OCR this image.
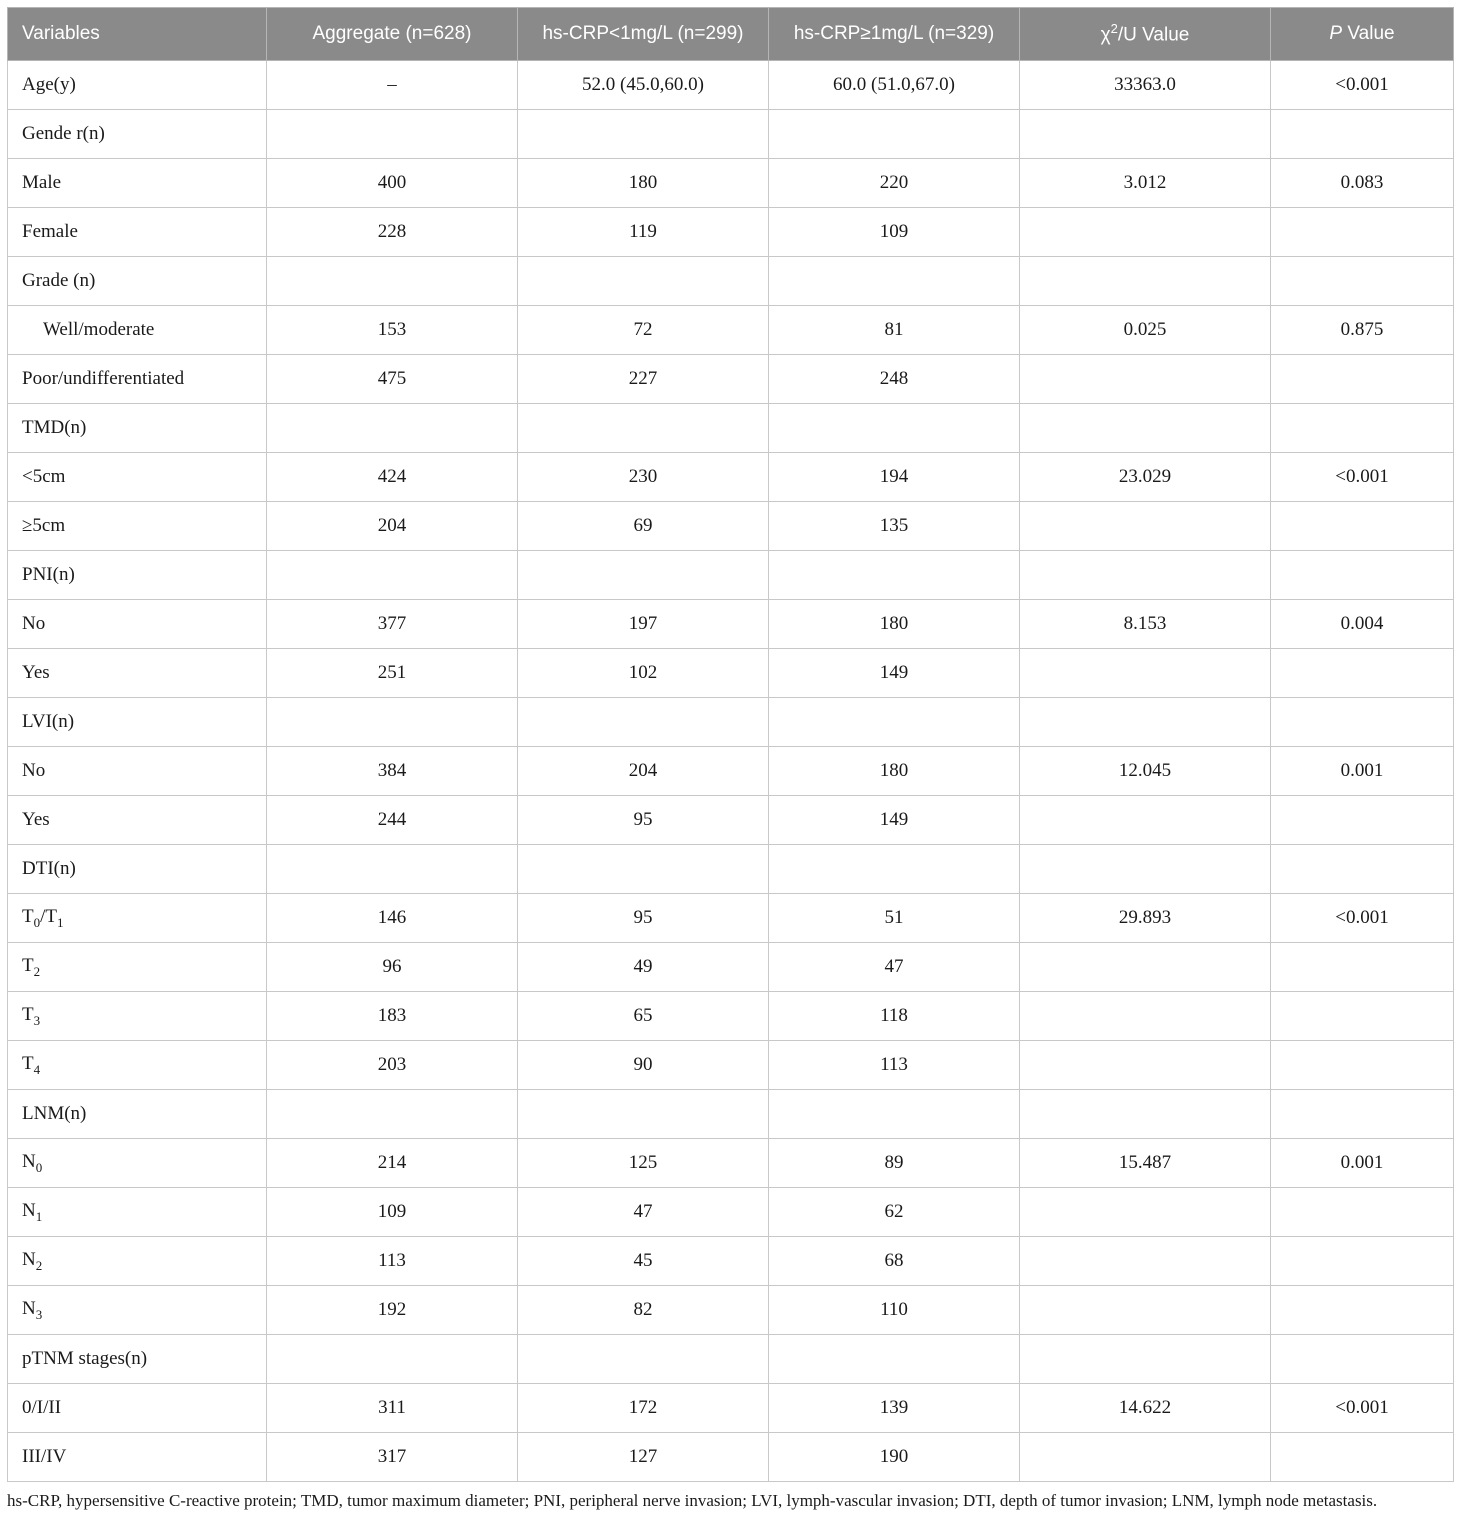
Variables	Aggregate (n=628)	hs-CRP<1mg/L (n=299)	hs-CRP≥1mg/L (n=329)	$\chi^2/U$ Value	P Value
Age(y)	–	52.0 (45.0,60.0)	60.0 (51.0,67.0)	33363.0	<0.001
Gende r(n)					
Male	400	180	220	3.012	0.083
Female	228	119	109		
Grade (n)					
Well/moderate	153	72	81	0.025	0.875
Poor/undifferentiated	475	227	248		
TMD(n)					
<5cm	424	230	194	23.029	<0.001
≥5cm	204	69	135		
PNI(n)					
No	377	197	180	8.153	0.004
Yes	251	102	149		
LVI(n)					
No	384	204	180	12.045	0.001
Yes	244	95	149		
DTI(n)					
$T_0/T_1$	146	95	51	29.893	<0.001
$T_2$	96	49	47		
$T_3$	183	65	118		
$T_4$	203	90	113		
LNM(n)					
$N_0$	214	125	89	15.487	0.001
$N_1$	109	47	62		
$N_2$	113	45	68		
$N_3$	192	82	110		
pTNM stages(n)					
0/I/II	311	172	139	14.622	<0.001
III/IV	317	127	190		
hs-CRP, hypersensitive C-reactive protein; TMD, tumor maximum diameter; PNI, peripheral nerve invasion; LVI, lymph-vascular invasion; DTI, depth of tumor invasion; LNM, lymph node metastasis.
